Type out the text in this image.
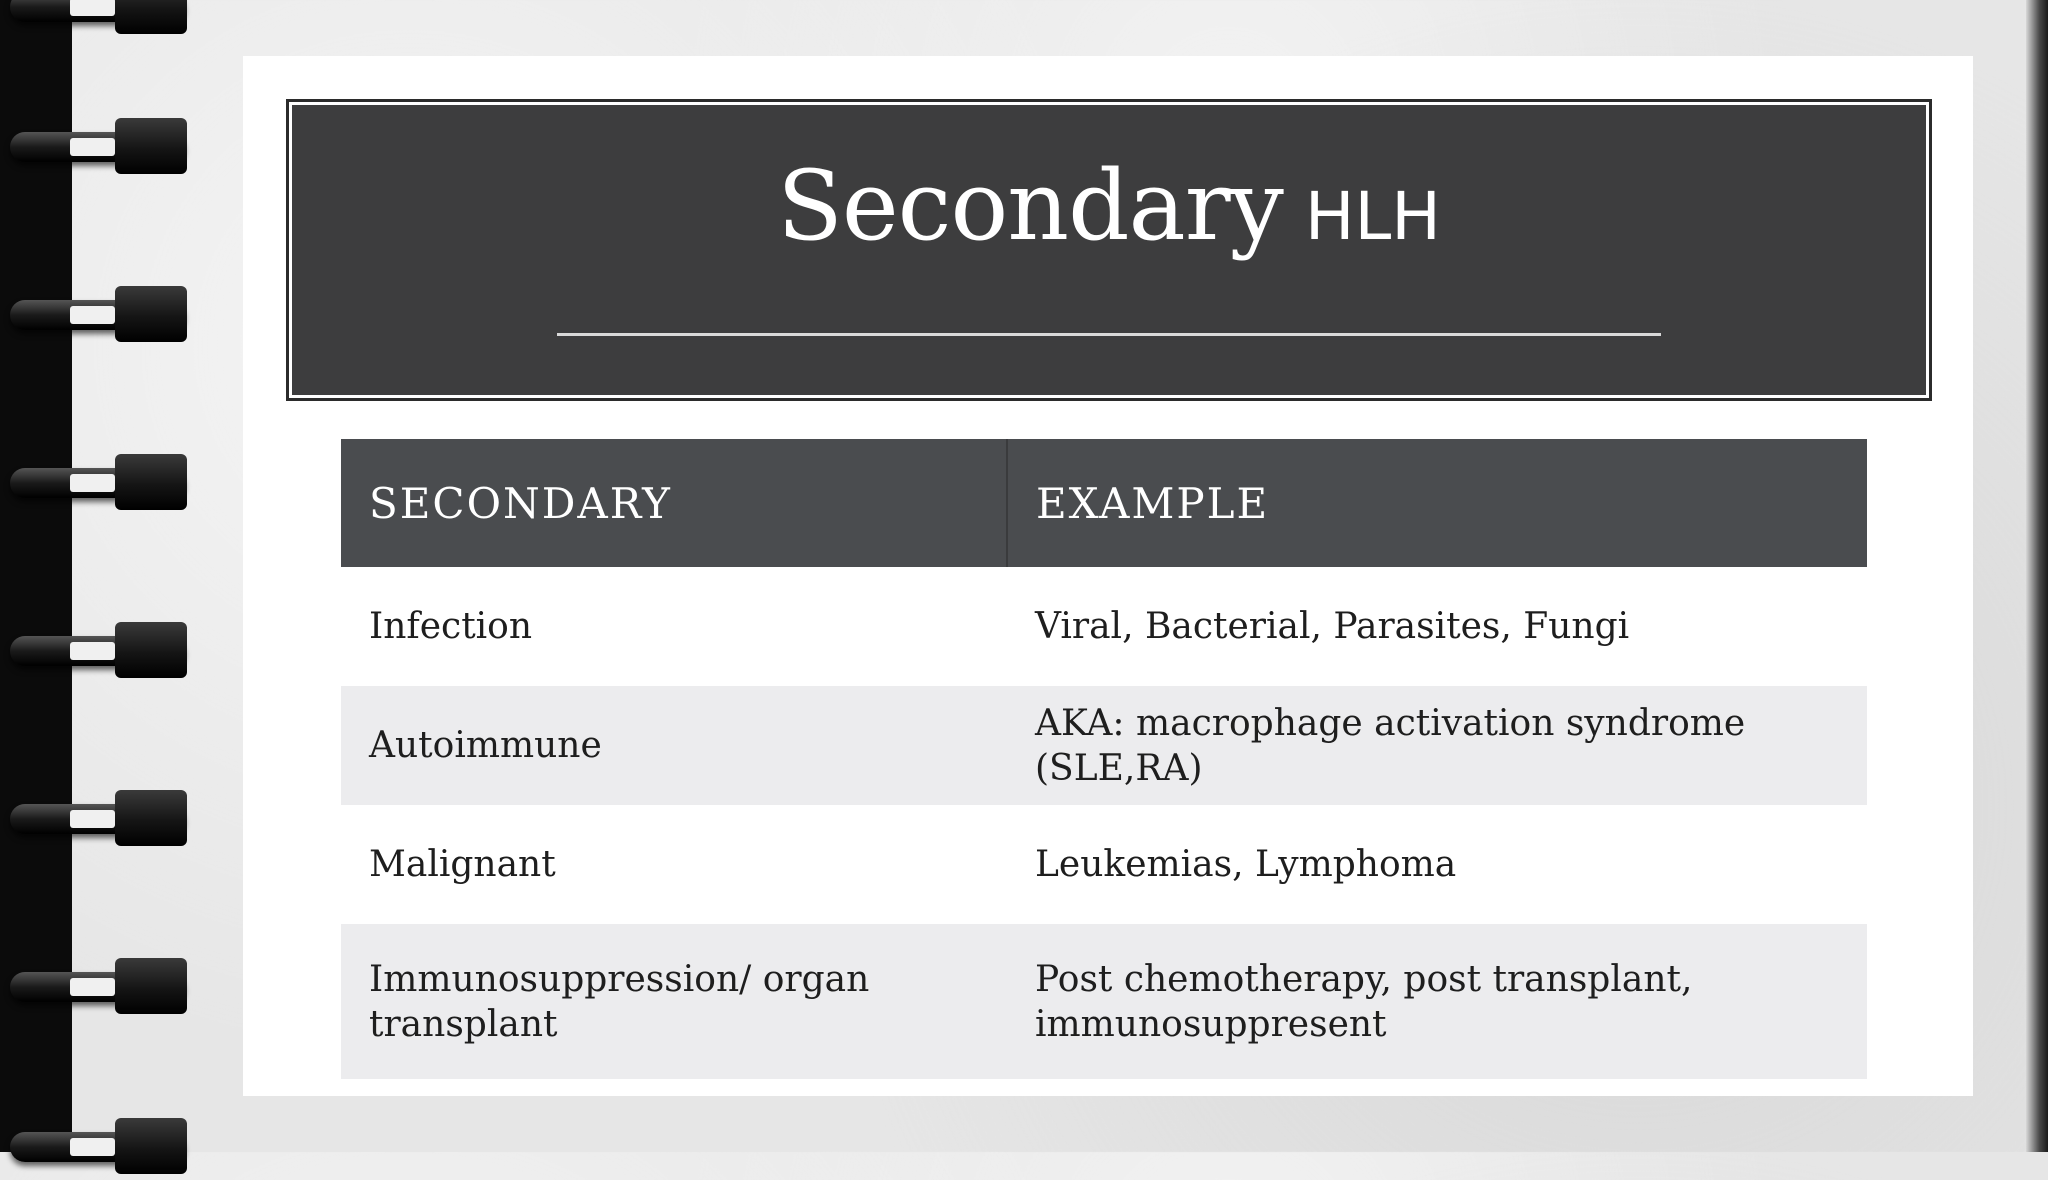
Secondary HLH
SECONDARY	EXAMPLE
Infection	Viral, Bacterial, Parasites, Fungi
Autoimmune	AKA: macrophage activation syndrome (SLE,RA)
Malignant	Leukemias, Lymphoma
Immunosuppression/ organ transplant	Post chemotherapy, post transplant, immunosuppresent
